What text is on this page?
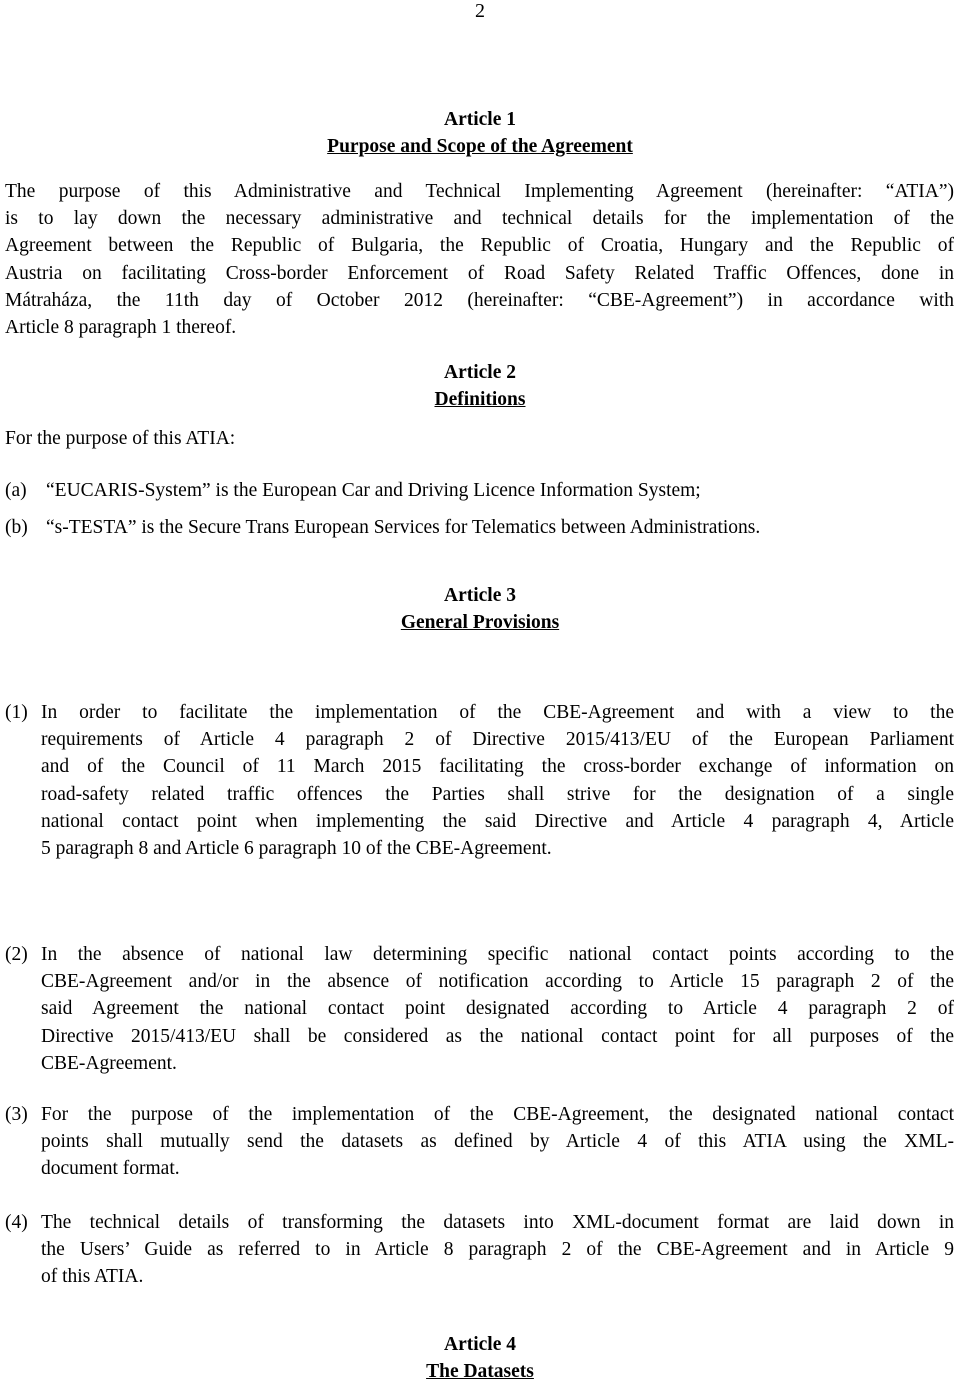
2
Article 1
Purpose and Scope of the Agreement
The purpose of this Administrative and Technical Implementing Agreement (hereinafter: “ATIA”)
is to lay down the necessary administrative and technical details for the implementation of the
Agreement between the Republic of Bulgaria, the Republic of Croatia, Hungary and the Republic of
Austria on facilitating Cross-border Enforcement of Road Safety Related Traffic Offences, done in
Mátraháza, the 11th day of October 2012 (hereinafter: “CBE-Agreement”) in accordance with
Article 8 paragraph 1 thereof.
Article 2
Definitions
For the purpose of this ATIA:
(a) “EUCARIS-System” is the European Car and Driving Licence Information System;
(b) “s-TESTA” is the Secure Trans European Services for Telematics between Administrations.
Article 3
General Provisions
(1) In order to facilitate the implementation of the CBE-Agreement and with a view to the
requirements of Article 4 paragraph 2 of Directive 2015/413/EU of the European Parliament
and of the Council of 11 March 2015 facilitating the cross-border exchange of information on
road-safety related traffic offences the Parties shall strive for the designation of a single
national contact point when implementing the said Directive and Article 4 paragraph 4, Article
5 paragraph 8 and Article 6 paragraph 10 of the CBE-Agreement.
(2) In the absence of national law determining specific national contact points according to the
CBE-Agreement and/or in the absence of notification according to Article 15 paragraph 2 of the
said Agreement the national contact point designated according to Article 4 paragraph 2 of
Directive 2015/413/EU shall be considered as the national contact point for all purposes of the
CBE-Agreement.
(3) For the purpose of the implementation of the CBE-Agreement, the designated national contact
points shall mutually send the datasets as defined by Article 4 of this ATIA using the XML-
document format.
(4) The technical details of transforming the datasets into XML-document format are laid down in
the Users’ Guide as referred to in Article 8 paragraph 2 of the CBE-Agreement and in Article 9
of this ATIA.
Article 4
The Datasets
